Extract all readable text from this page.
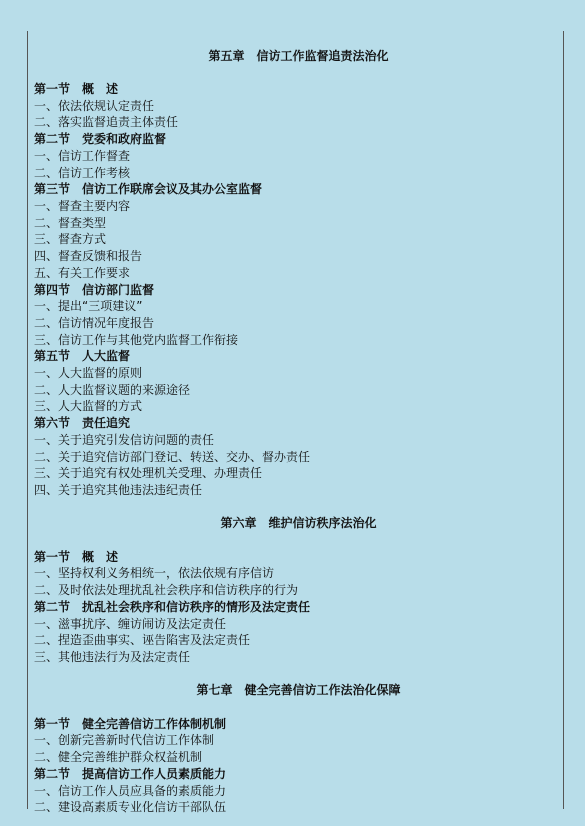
第五章　信访工作监督追责法治化
第一节　概　述
一、依法依规认定责任
二、落实监督追责主体责任
第二节　党委和政府监督
一、信访工作督查
二、信访工作考核
第三节　信访工作联席会议及其办公室监督
一、督查主要内容
二、督查类型
三、督查方式
四、督查反馈和报告
五、有关工作要求
第四节　信访部门监督
一、提出“三项建议”
二、信访情况年度报告
三、信访工作与其他党内监督工作衔接
第五节　人大监督
一、人大监督的原则
二、人大监督议题的来源途径
三、人大监督的方式
第六节　责任追究
一、关于追究引发信访问题的责任
二、关于追究信访部门登记、转送、交办、督办责任
三、关于追究有权处理机关受理、办理责任
四、关于追究其他违法违纪责任
第六章　维护信访秩序法治化
第一节　概　述
一、坚持权利义务相统一，依法依规有序信访
二、及时依法处理扰乱社会秩序和信访秩序的行为
第二节　扰乱社会秩序和信访秩序的情形及法定责任
一、滋事扰序、缠访闹访及法定责任
二、捏造歪曲事实、诬告陷害及法定责任
三、其他违法行为及法定责任
第七章　健全完善信访工作法治化保障
第一节　健全完善信访工作体制机制
一、创新完善新时代信访工作体制
二、健全完善维护群众权益机制
第二节　提高信访工作人员素质能力
一、信访工作人员应具备的素质能力
二、建设高素质专业化信访干部队伍
